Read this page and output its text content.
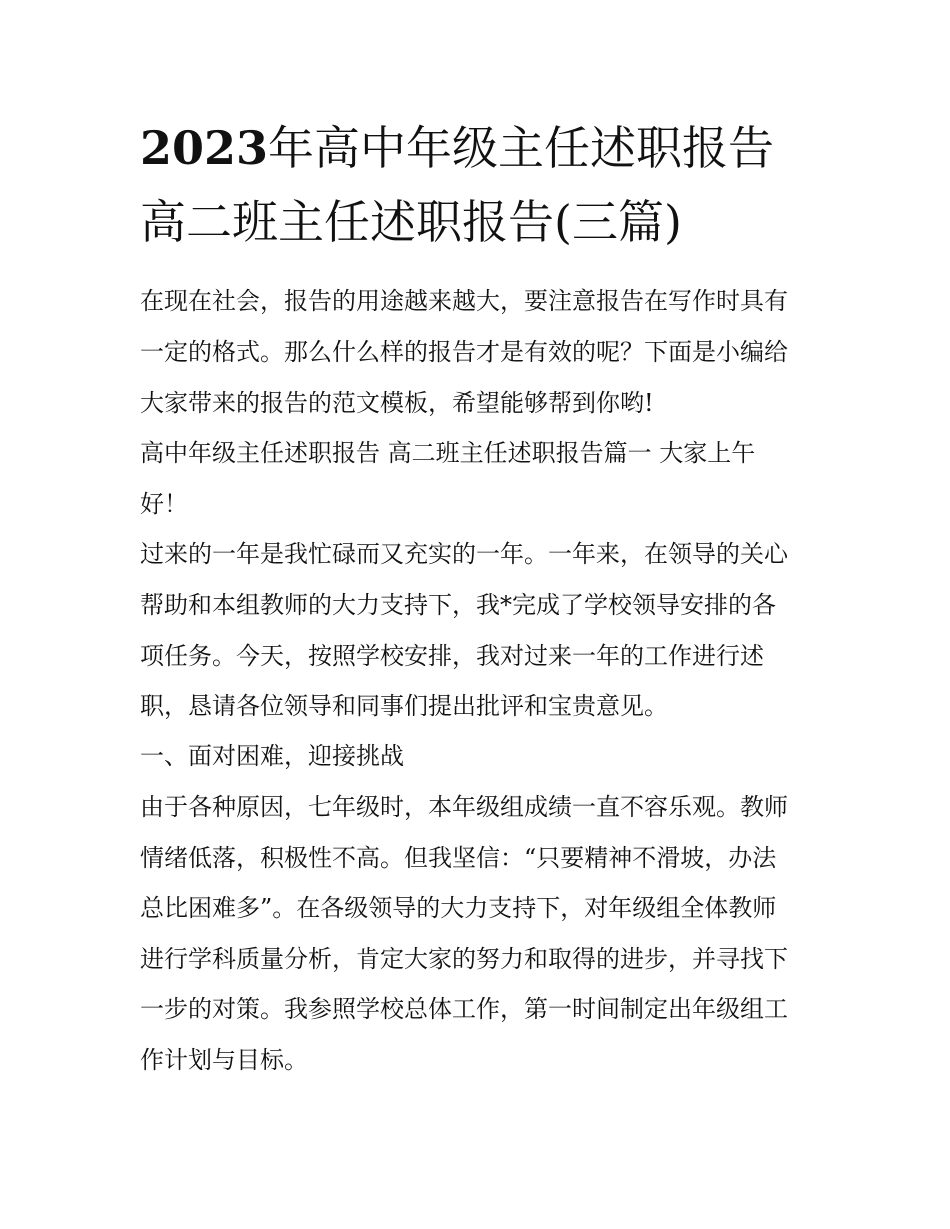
2023年高中年级主任述职报告
高二班主任述职报告(三篇)

在现在社会，报告的用途越来越大，要注意报告在写作时具有

一定的格式。那么什么样的报告才是有效的呢？下面是小编给

大家带来的报告的范文模板，希望能够帮到你哟!

高中年级主任述职报告 高二班主任述职报告篇一 大家上午

好！

过来的一年是我忙碌而又充实的一年。一年来，在领导的关心

帮助和本组教师的大力支持下，我*完成了学校领导安排的各

项任务。今天，按照学校安排，我对过来一年的工作进行述

职，恳请各位领导和同事们提出批评和宝贵意见。

一、面对困难，迎接挑战

由于各种原因，七年级时，本年级组成绩一直不容乐观。教师

情绪低落，积极性不高。但我坚信：“只要精神不滑坡，办法

总比困难多”。在各级领导的大力支持下，对年级组全体教师

进行学科质量分析，肯定大家的努力和取得的进步，并寻找下

一步的对策。我参照学校总体工作，第一时间制定出年级组工

作计划与目标。
